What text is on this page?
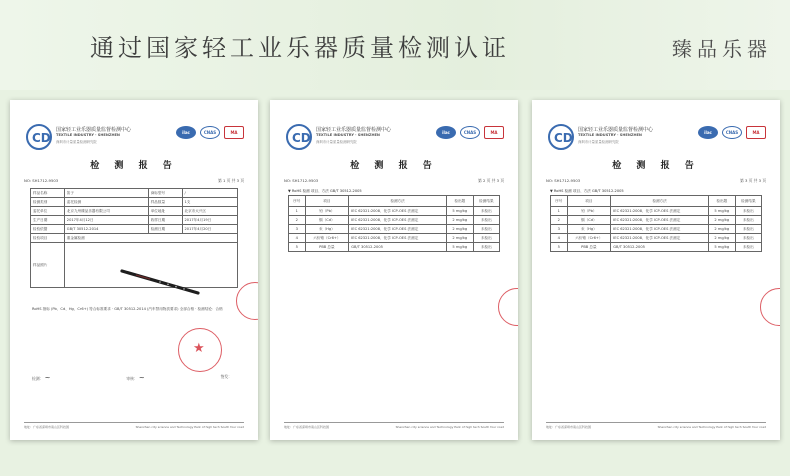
通过国家轻工业乐器质量检测认证	臻品乐器
CD
国家轻工业乐器质量监督检测中心
TEXTILE INDUSTRY · SHENZHEN
深圳市计量质量检测研究院
ilac	CNAS	MA
检 测 报 告
NO: SH1712-9503	第 1 页 共 3 页
样品名称	笛子	商标型号	/
检测类别	委托检测	样品数量	1支
委托单位	北京九州臻品乐器有限公司	单位地址	北京市大兴区
生产日期	2017年4月12日	收样日期	2017年4月19日
检验依据	GB/T 30512-2014	检测日期	2017年4月20日
检验项目	重金属检测		
样品照片			
RoHS 指标 (Pb、Cd、Hg、Cr6+) 符合标准要求 · GB/T 30512-2014 (汽车禁用物质要求) 全部合格 · 检测结论：合格
★
检测： ~	审核： ~	签发：
地址：广东省深圳市南山区科技园	Shenzhen city science and Technology Park of high tech South four road
CD
国家轻工业乐器质量监督检测中心
TEXTILE INDUSTRY · SHENZHEN
深圳市计量质量检测研究院
ilac	CNAS	MA
检 测 报 告
NO: SH1712-9503	第 2 页 共 3 页
▼ RoHS 检测 项目、方法 GB/T 30512-2005
序号	项目	检测方法	检出限	检测结果
1	铅（Pb）	IEC 62321:2008、化学 ICP-OES 法测定	5 mg/kg	未检出
2	镉（Cd）	IEC 62321:2008、化学 ICP-OES 法测定	2 mg/kg	未检出
3	汞（Hg）	IEC 62321:2008、化学 ICP-OES 法测定	2 mg/kg	未检出
4	六价铬（Cr6+）	IEC 62321:2008、化学 ICP-OES 法测定	2 mg/kg	未检出
5	PBB 总量	GB/T 30512-2005	5 mg/kg	未检出
地址：广东省深圳市南山区科技园	Shenzhen city science and Technology Park of high tech South four road
CD
国家轻工业乐器质量监督检测中心
TEXTILE INDUSTRY · SHENZHEN
深圳市计量质量检测研究院
ilac	CNAS	MA
检 测 报 告
NO: SH1712-9503	第 3 页 共 3 页
▼ RoHS 检测 项目、方法 GB/T 30512-2005
序号	项目	检测方法	检出限	检测结果
1	铅（Pb）	IEC 62321:2008、化学 ICP-OES 法测定	5 mg/kg	未检出
2	镉（Cd）	IEC 62321:2008、化学 ICP-OES 法测定	2 mg/kg	未检出
3	汞（Hg）	IEC 62321:2008、化学 ICP-OES 法测定	2 mg/kg	未检出
4	六价铬（Cr6+）	IEC 62321:2008、化学 ICP-OES 法测定	2 mg/kg	未检出
5	PBB 总量	GB/T 30512-2005	5 mg/kg	未检出
地址：广东省深圳市南山区科技园	Shenzhen city science and Technology Park of high tech South four road
